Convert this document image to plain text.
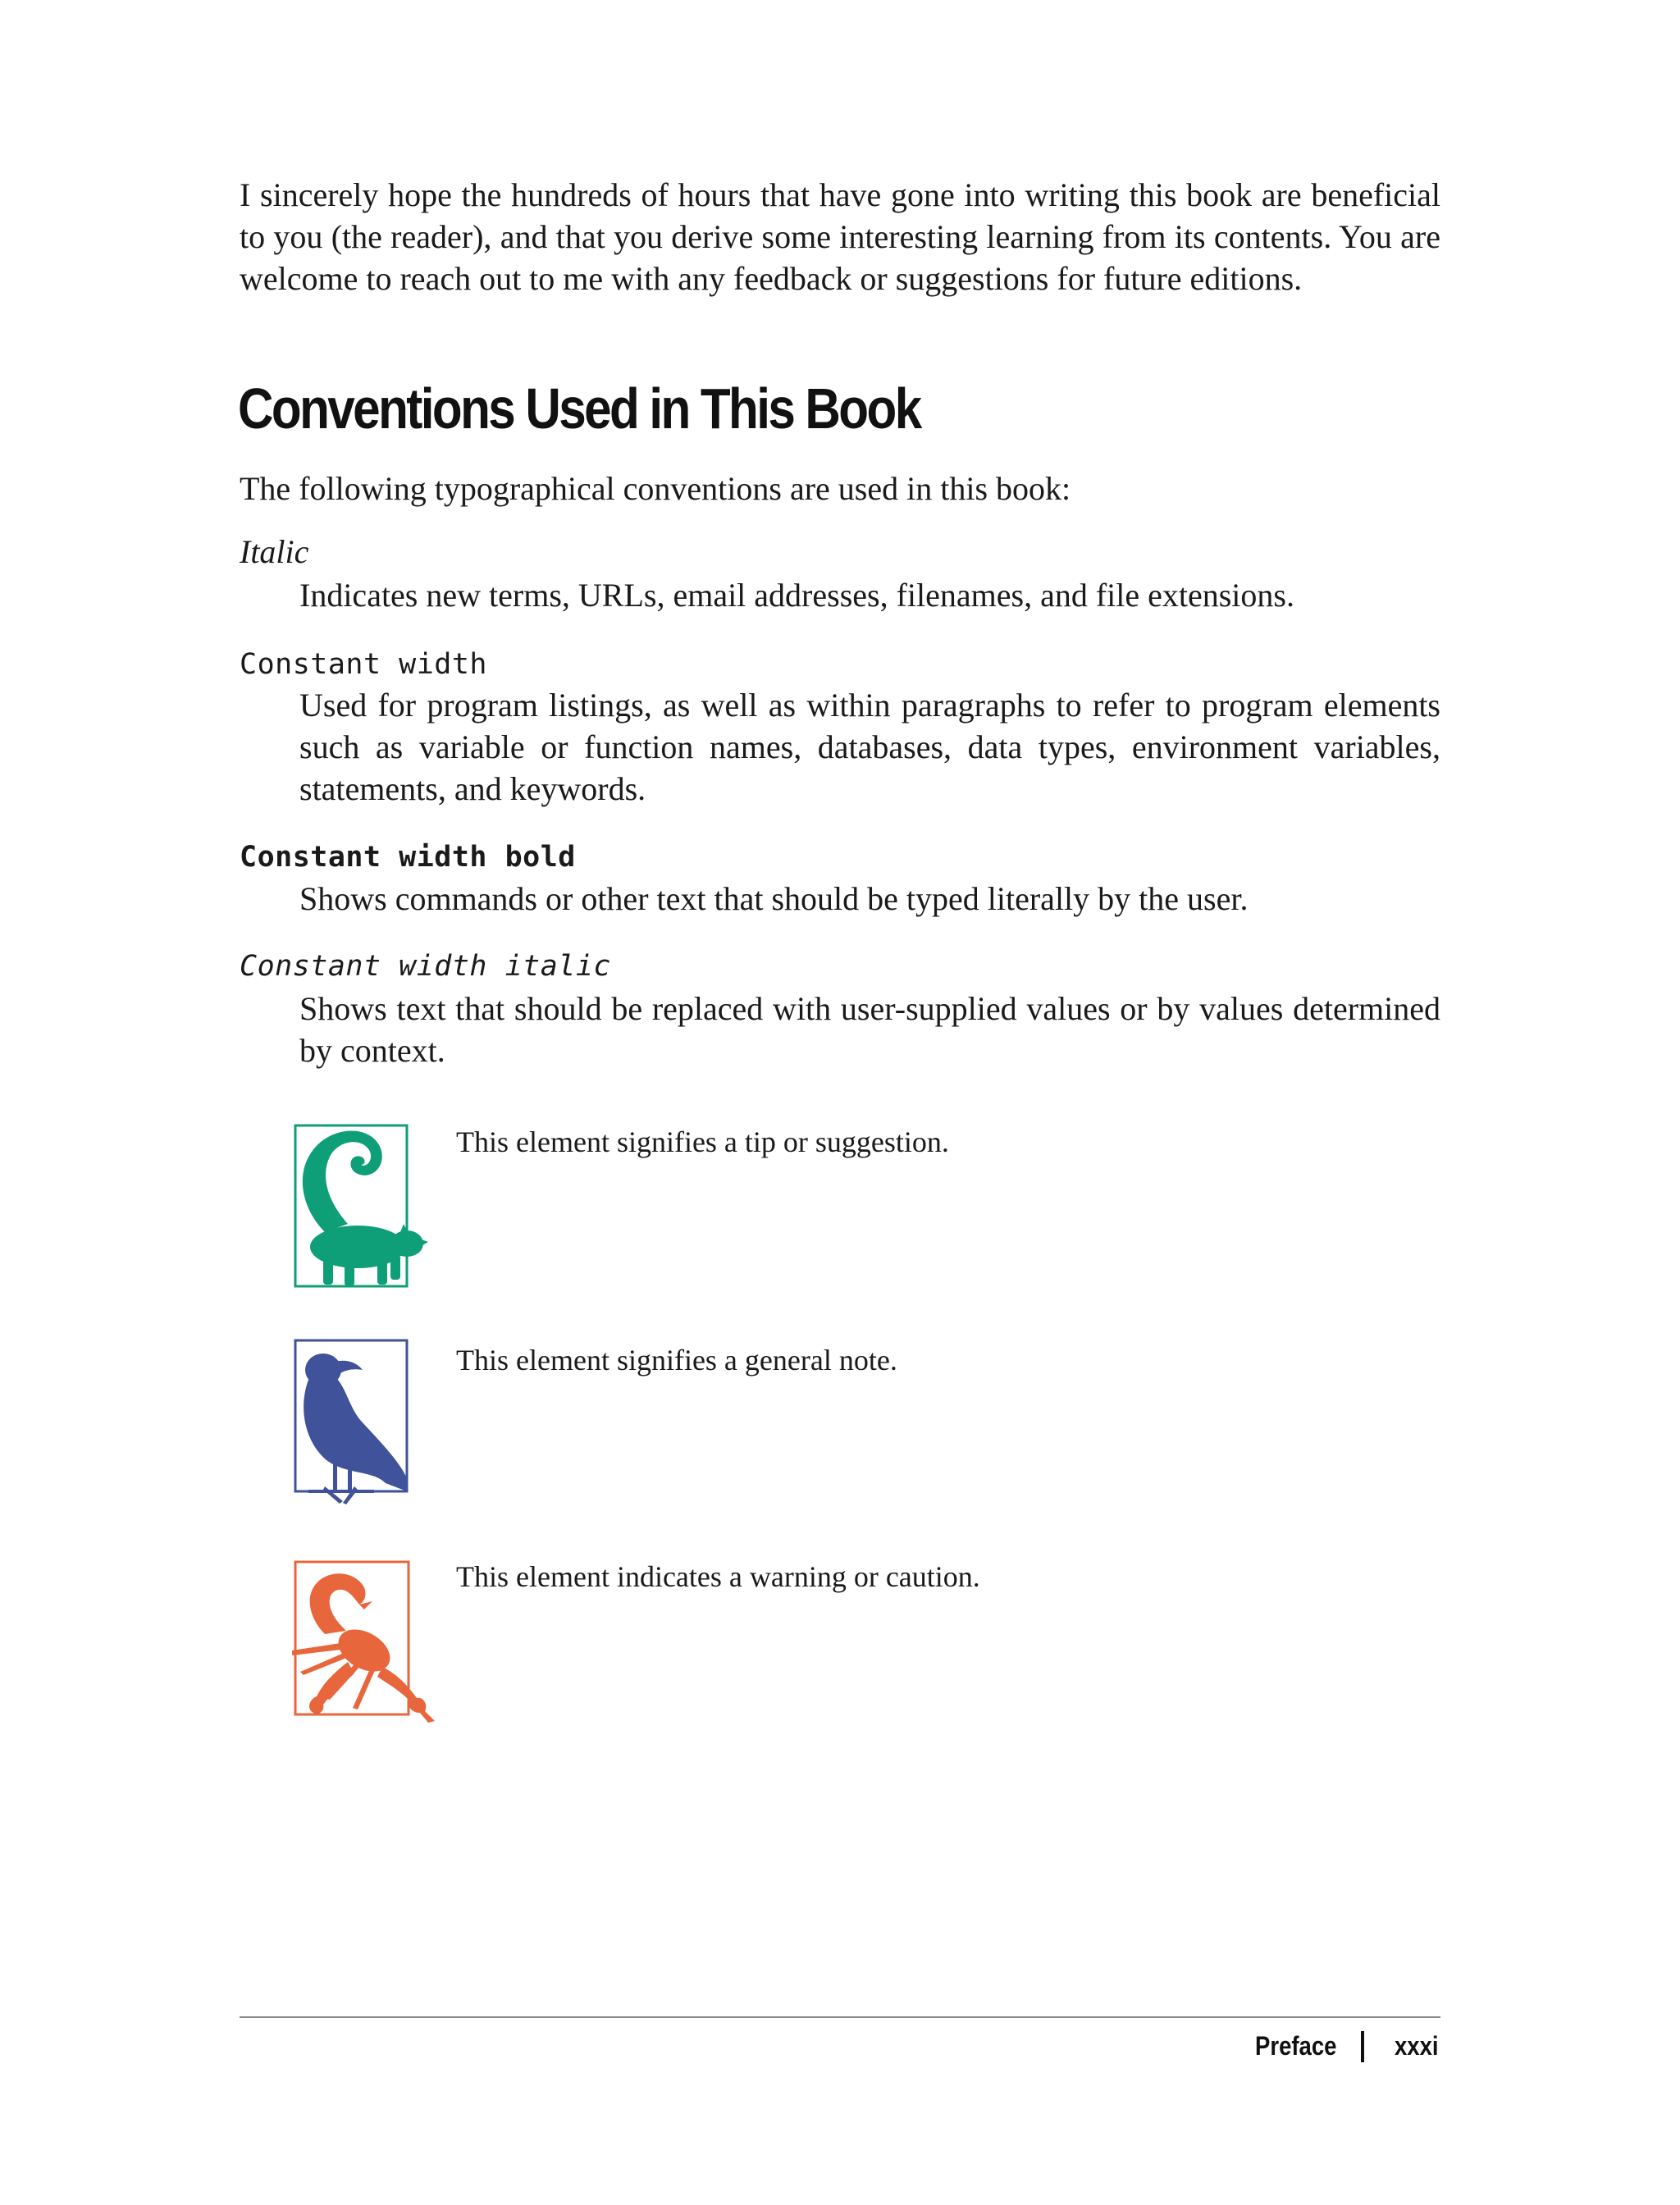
I sincerely hope the hundreds of hours that have gone into writing this book are beneficial to you (the reader), and that you derive some interesting learning from its contents. You are welcome to reach out to me with any feedback or suggestions for future editions.

Conventions Used in This Book

The following typographical conventions are used in this book:

Italic

Indicates new terms, URLs, email addresses, filenames, and file extensions.

Constant width

Used for program listings, as well as within paragraphs to refer to program elements such as variable or function names, databases, data types, environment variables, statements, and keywords.

Constant width bold

Shows commands or other text that should be typed literally by the user.

Constant width italic

Shows text that should be replaced with user-supplied values or by values determined by context.

This element signifies a tip or suggestion.

This element signifies a general note.

This element indicates a warning or caution.

Preface xxxi
